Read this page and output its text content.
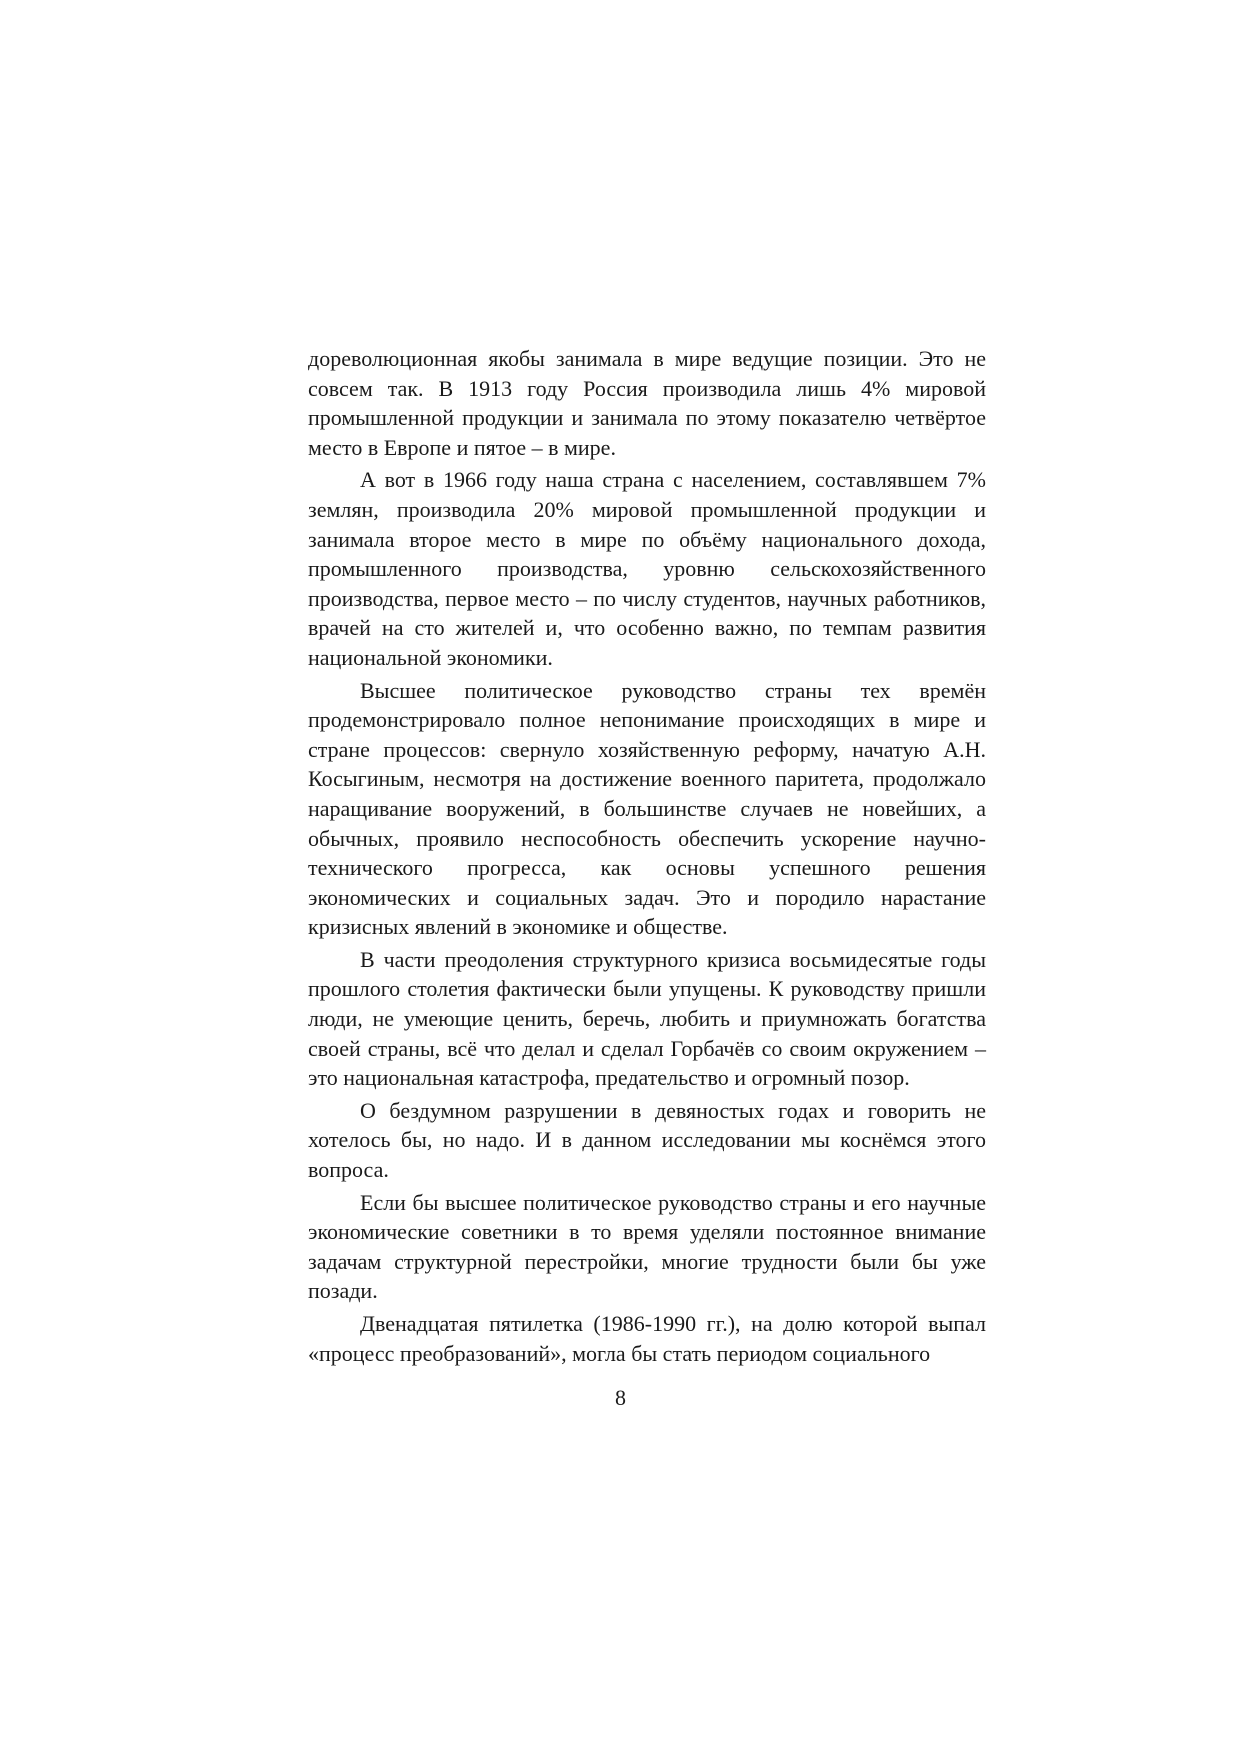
дореволюционная якобы занимала в мире ведущие позиции. Это не совсем так. В 1913 году Россия производила лишь 4% мировой промышленной продукции и занимала по этому показателю четвёртое место в Европе и пятое – в мире.

А вот в 1966 году наша страна с населением, составлявшем 7% землян, производила 20% мировой промышленной продукции и занимала второе место в мире по объёму национального дохода, промышленного производства, уровню сельскохозяйственного производства, первое место – по числу студентов, научных работников, врачей на сто жителей и, что особенно важно, по темпам развития национальной экономики.

Высшее политическое руководство страны тех времён продемонстрировало полное непонимание происходящих в мире и стране процессов: свернуло хозяйственную реформу, начатую А.Н. Косыгиным, несмотря на достижение военного паритета, продолжало наращивание вооружений, в большинстве случаев не новейших, а обычных, проявило неспособность обеспечить ускорение научно-технического прогресса, как основы успешного решения экономических и социальных задач. Это и породило нарастание кризисных явлений в экономике и обществе.

В части преодоления структурного кризиса восьмидесятые годы прошлого столетия фактически были упущены. К руководству пришли люди, не умеющие ценить, беречь, любить и приумножать богатства своей страны, всё что делал и сделал Горбачёв со своим окружением – это национальная катастрофа, предательство и огромный позор.

О бездумном разрушении в девяностых годах и говорить не хотелось бы, но надо. И в данном исследовании мы коснёмся этого вопроса.

Если бы высшее политическое руководство страны и его научные экономические советники в то время уделяли постоянное внимание задачам структурной перестройки, многие трудности были бы уже позади.

Двенадцатая пятилетка (1986-1990 гг.), на долю которой выпал «процесс преобразований», могла бы стать периодом социального

8
